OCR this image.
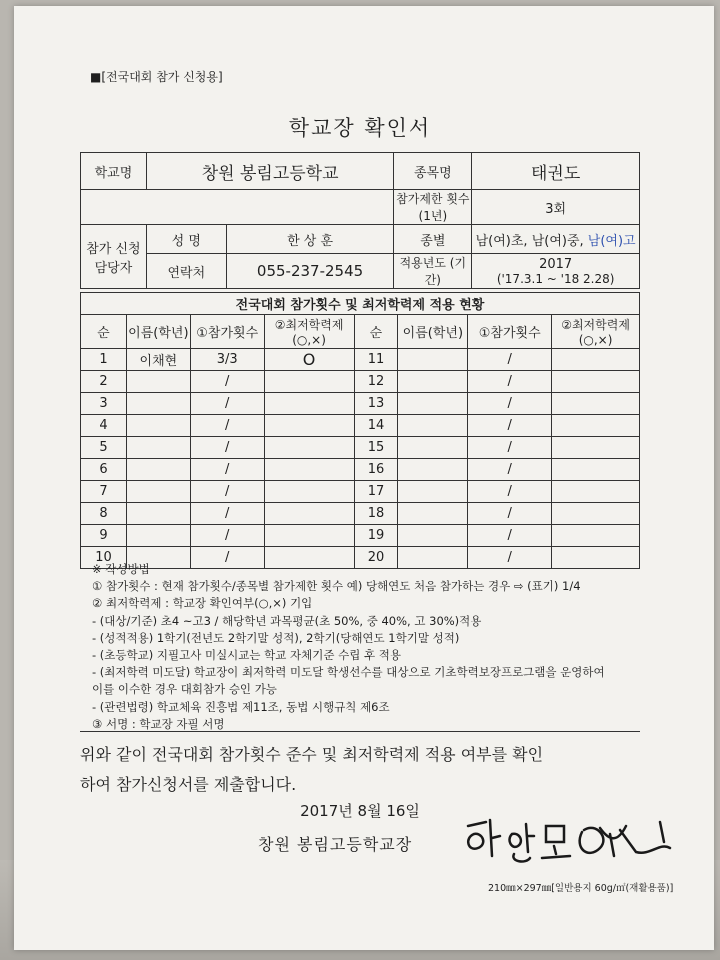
■[전국대회 참가 신청용]
학교장 확인서
학교명	창원 봉림고등학교		종목명	태권도
			참가제한 횟수(1년)	3회
참가 신청 담당자	성 명	한 상 훈	종별	남(여)초, 남(여)중, 남(여)고
	연락처	055-237-2545	적용년도 (기간)	2017
('17.3.1 ~ '18 2.28)
전국대회 참가횟수 및 최저학력제 적용 현황							
순	이름(학년)	①참가횟수	②최저학력제 (○,×)	순	이름(학년)	①참가횟수	②최저학력제 (○,×)
1	이채현	3/3	O	11		/	
2		/		12		/	
3		/		13		/	
4		/		14		/	
5		/		15		/	
6		/		16		/	
7		/		17		/	
8		/		18		/	
9		/		19		/	
10		/		20		/	
※ 작성방법
① 참가횟수 : 현재 참가횟수/종목별 참가제한 횟수 예) 당해연도 처음 참가하는 경우 ⇨ (표기) 1/4
② 최저학력제 : 학교장 확인여부(○,×) 기입
- (대상/기준) 초4 ~고3 / 해당학년 과목평균(초 50%, 중 40%, 고 30%)적용
- (성적적용) 1학기(전년도 2학기말 성적), 2학기(당해연도 1학기말 성적)
- (초등학교) 지필고사 미실시교는 학교 자체기준 수립 후 적용
- (최저학력 미도달) 학교장이 최저학력 미도달 학생선수를 대상으로 기초학력보장프로그램을 운영하여
이를 이수한 경우 대회참가 승인 가능
- (관련법령) 학교체육 진흥법 제11조, 동법 시행규칙 제6조
③ 서명 : 학교장 자필 서명
위와 같이 전국대회 참가횟수 준수 및 최저학력제 적용 여부를 확인
하여 참가신청서를 제출합니다.
2017년 8월 16일
창원 봉림고등학교장
210㎜×297㎜[일반용지 60g/㎡(재활용품)]
